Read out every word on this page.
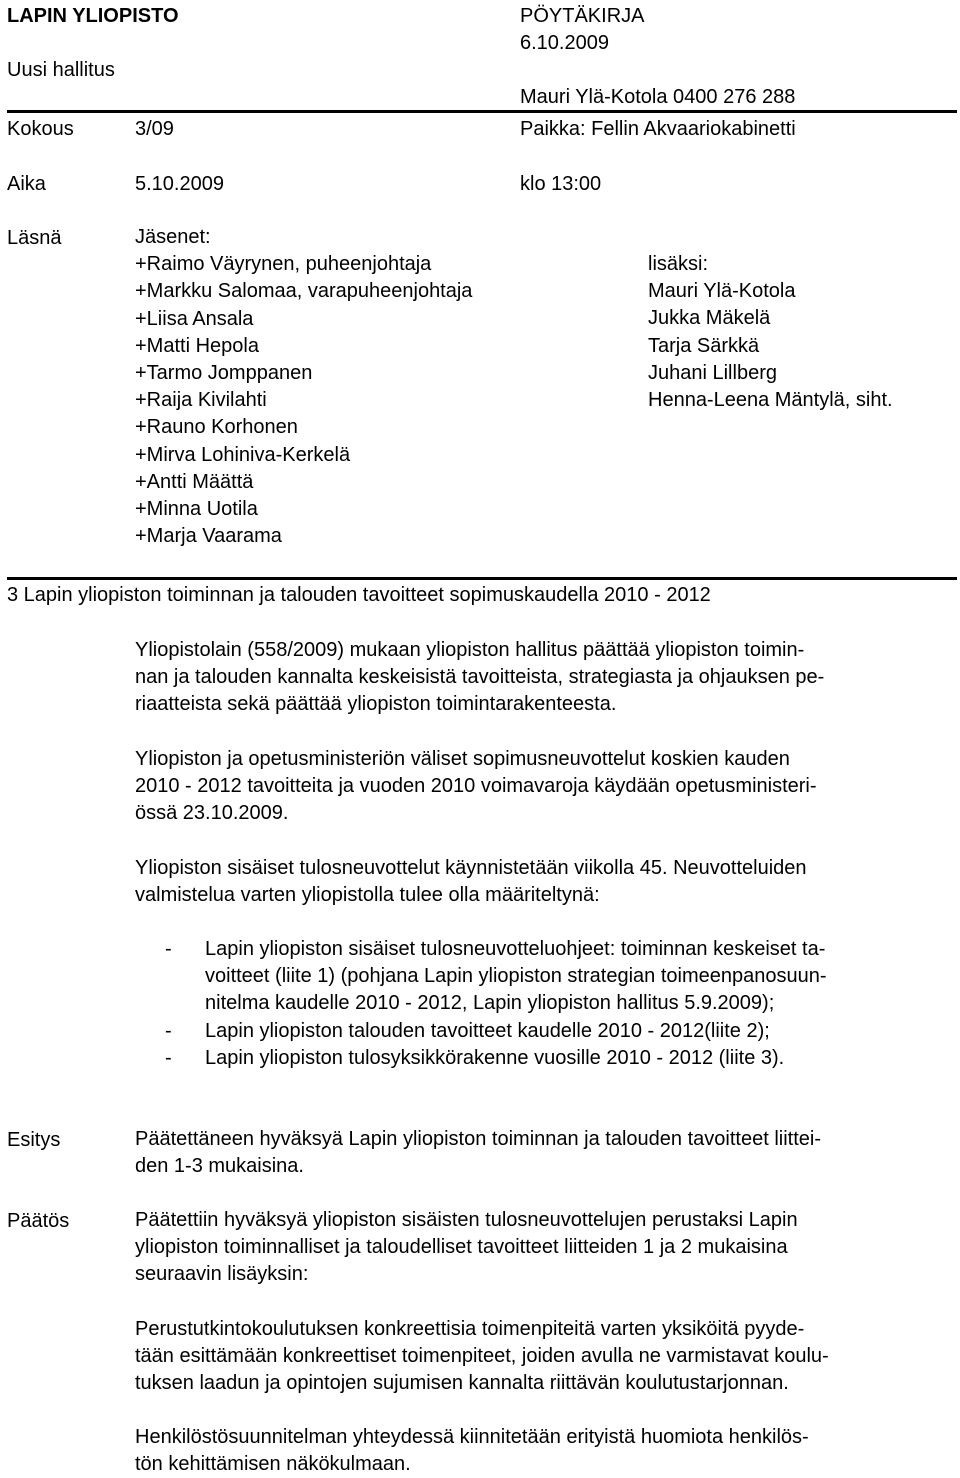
LAPIN YLIOPISTO	PÖYTÄKIRJA
6.10.2009
Uusi hallitus
Mauri Ylä-Kotola 0400 276 288
Kokous	3/09	Paikka: Fellin Akvaariokabinetti
Aika	5.10.2009	klo 13:00
Läsnä	Jäsenet:
+Raimo Väyrynen, puheenjohtaja
+Markku Salomaa, varapuheenjohtaja
+Liisa Ansala
+Matti Hepola
+Tarmo Jomppanen
+Raija Kivilahti
+Rauno Korhonen
+Mirva Lohiniva-Kerkelä
+Antti Määttä
+Minna Uotila
+Marja Vaarama
lisäksi:
Mauri Ylä-Kotola
Jukka Mäkelä
Tarja Särkkä
Juhani Lillberg
Henna-Leena Mäntylä, siht.
3 Lapin yliopiston toiminnan ja talouden tavoitteet sopimuskaudella 2010 - 2012
Yliopistolain (558/2009) mukaan yliopiston hallitus päättää yliopiston toimin-
nan ja talouden kannalta keskeisistä tavoitteista, strategiasta ja ohjauksen pe-
riaatteista sekä päättää yliopiston toimintarakenteesta.
Yliopiston ja opetusministeriön väliset sopimusneuvottelut koskien kauden
2010 - 2012 tavoitteita ja vuoden 2010 voimavaroja käydään opetusministeri-
össä 23.10.2009.
Yliopiston sisäiset tulosneuvottelut käynnistetään viikolla 45. Neuvotteluiden
valmistelua varten yliopistolla tulee olla määriteltynä:
-	Lapin yliopiston sisäiset tulosneuvotteluohjeet: toiminnan keskeiset ta-
voitteet (liite 1) (pohjana Lapin yliopiston strategian toimeenpanosuun-
nitelma kaudelle 2010 - 2012, Lapin yliopiston hallitus 5.9.2009);
-	Lapin yliopiston talouden tavoitteet kaudelle 2010 - 2012(liite 2);
-	Lapin yliopiston tulosyksikkörakenne vuosille 2010 - 2012 (liite 3).
Esitys	Päätettäneen hyväksyä Lapin yliopiston toiminnan ja talouden tavoitteet liittei-
den 1-3 mukaisina.
Päätös	Päätettiin hyväksyä yliopiston sisäisten tulosneuvottelujen perustaksi Lapin
yliopiston toiminnalliset ja taloudelliset tavoitteet liitteiden 1 ja 2 mukaisina
seuraavin lisäyksin:
Perustutkintokoulutuksen konkreettisia toimenpiteitä varten yksiköitä pyyde-
tään esittämään konkreettiset toimenpiteet, joiden avulla ne varmistavat koulu-
tuksen laadun ja opintojen sujumisen kannalta riittävän koulutustarjonnan.
Henkilöstösuunnitelman yhteydessä kiinnitetään erityistä huomiota henkilös-
tön kehittämisen näkökulmaan.
